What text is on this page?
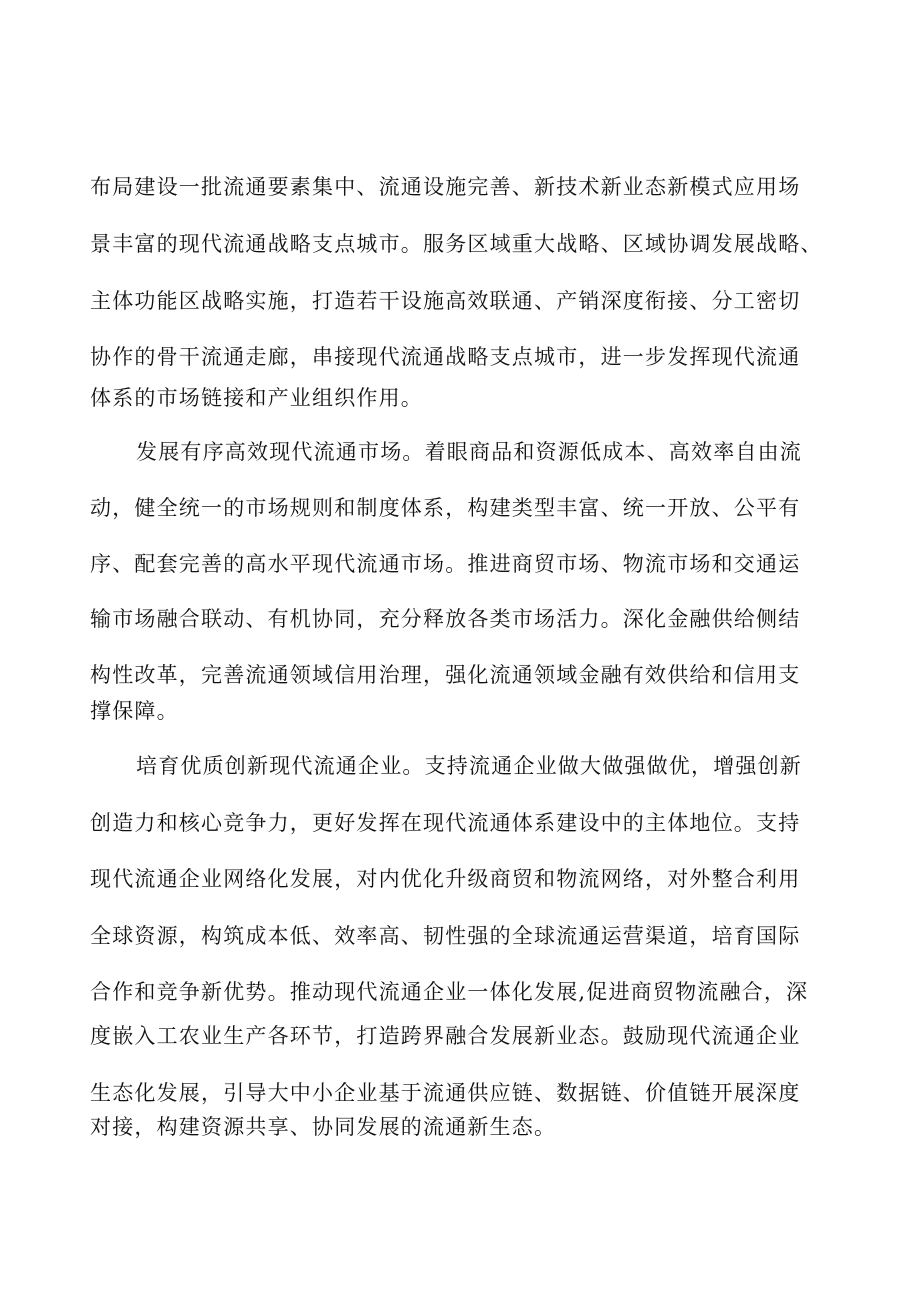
布局建设一批流通要素集中、流通设施完善、新技术新业态新模式应用场
景丰富的现代流通战略支点城市。服务区域重大战略、区域协调发展战略、
主体功能区战略实施，打造若干设施高效联通、产销深度衔接、分工密切
协作的骨干流通走廊，串接现代流通战略支点城市，进一步发挥现代流通
体系的市场链接和产业组织作用。
发展有序高效现代流通市场。着眼商品和资源低成本、高效率自由流
动，健全统一的市场规则和制度体系，构建类型丰富、统一开放、公平有
序、配套完善的高水平现代流通市场。推进商贸市场、物流市场和交通运
输市场融合联动、有机协同，充分释放各类市场活力。深化金融供给侧结
构性改革，完善流通领域信用治理，强化流通领域金融有效供给和信用支
撑保障。
培育优质创新现代流通企业。支持流通企业做大做强做优，增强创新
创造力和核心竞争力，更好发挥在现代流通体系建设中的主体地位。支持
现代流通企业网络化发展，对内优化升级商贸和物流网络，对外整合利用
全球资源，构筑成本低、效率高、韧性强的全球流通运营渠道，培育国际
合作和竞争新优势。推动现代流通企业一体化发展,促进商贸物流融合，深
度嵌入工农业生产各环节，打造跨界融合发展新业态。鼓励现代流通企业
生态化发展，引导大中小企业基于流通供应链、数据链、价值链开展深度
对接，构建资源共享、协同发展的流通新生态。
